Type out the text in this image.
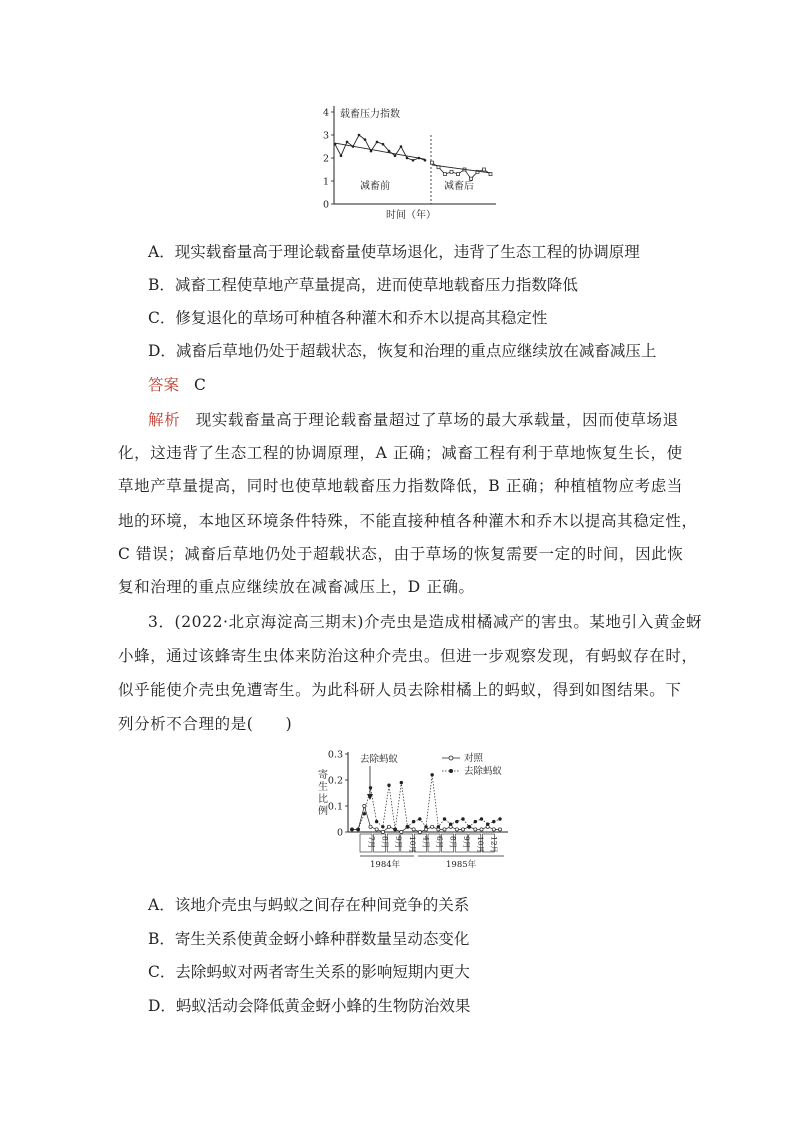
0
1
2
3
4 载畜压力指数
减畜前	减畜后
时间（年）
A．现实载畜量高于理论载畜量使草场退化，违背了生态工程的协调原理
B．减畜工程使草地产草量提高，进而使草地载畜压力指数降低
C．修复退化的草场可种植各种灌木和乔木以提高其稳定性
D．减畜后草地仍处于超载状态，恢复和治理的重点应继续放在减畜减压上
答案 C
解析 现实载畜量高于理论载畜量超过了草场的最大承载量，因而使草场退
化，这违背了生态工程的协调原理，A 正确；减畜工程有利于草地恢复生长，使
草地产草量提高，同时也使草地载畜压力指数降低，B 正确；种植植物应考虑当
地的环境，本地区环境条件特殊，不能直接种植各种灌木和乔木以提高其稳定性，
C 错误；减畜后草地仍处于超载状态，由于草场的恢复需要一定的时间，因此恢
复和治理的重点应继续放在减畜减压上，D 正确。
3．(2022·北京海淀高三期末)介壳虫是造成柑橘减产的害虫。某地引入黄金蚜
小蜂，通过该蜂寄生虫体来防治这种介壳虫。但进一步观察发现，有蚂蚁存在时，
似乎能使介壳虫免遭寄生。为此科研人员去除柑橘上的蚂蚁，得到如图结果。下
列分析不合理的是(　　)
寄生比例
0
0.1
0.2
0.3 去除蚂蚁	对照
去除蚂蚁
7月 8月 9月 10月 4月 6月 8月 9月 10月 12月
1984年	1985年
A．该地介壳虫与蚂蚁之间存在种间竞争的关系
B．寄生关系使黄金蚜小蜂种群数量呈动态变化
C．去除蚂蚁对两者寄生关系的影响短期内更大
D．蚂蚁活动会降低黄金蚜小蜂的生物防治效果
